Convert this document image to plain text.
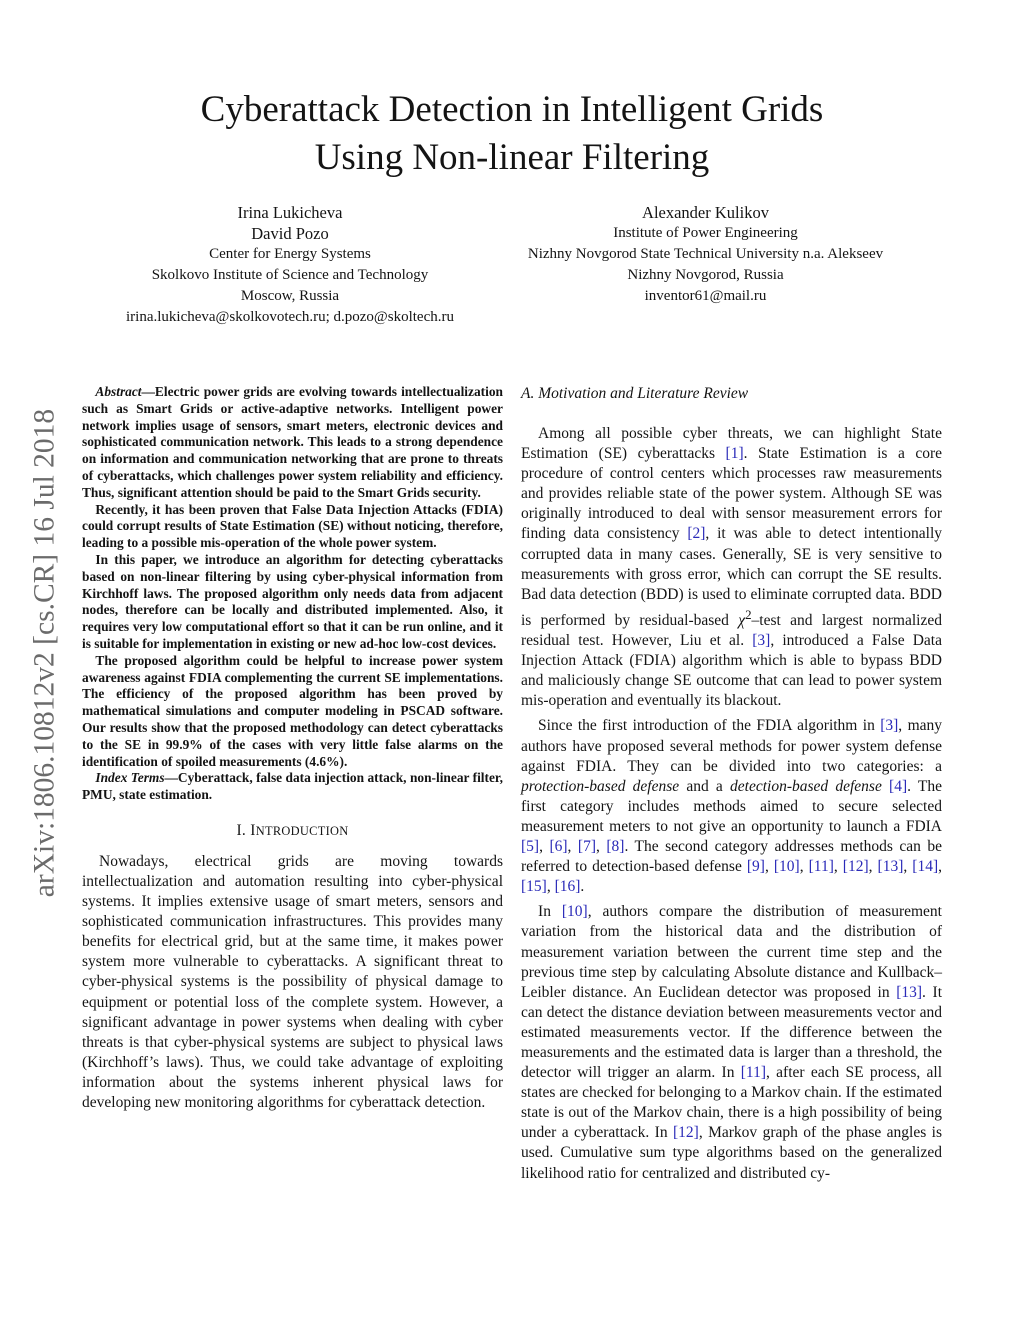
Cyberattack Detection in Intelligent Grids
Using Non-linear Filtering
Irina Lukicheva
David Pozo
Center for Energy Systems
Skolkovo Institute of Science and Technology
Moscow, Russia
irina.lukicheva@skolkovotech.ru; d.pozo@skoltech.ru
Alexander Kulikov
Institute of Power Engineering
Nizhny Novgorod State Technical University n.a. Alekseev
Nizhny Novgorod, Russia
inventor61@mail.ru
arXiv:1806.10812v2 [cs.CR] 16 Jul 2018

Abstract—Electric power grids are evolving towards intellectualization such as Smart Grids or active-adaptive networks. Intelligent power network implies usage of sensors, smart meters, electronic devices and sophisticated communication network. This leads to a strong dependence on information and communication networking that are prone to threats of cyberattacks, which challenges power system reliability and efficiency. Thus, significant attention should be paid to the Smart Grids security.

Recently, it has been proven that False Data Injection Attacks (FDIA) could corrupt results of State Estimation (SE) without noticing, therefore, leading to a possible mis-operation of the whole power system.

In this paper, we introduce an algorithm for detecting cyberattacks based on non-linear filtering by using cyber-physical information from Kirchhoff laws. The proposed algorithm only needs data from adjacent nodes, therefore can be locally and distributed implemented. Also, it requires very low computational effort so that it can be run online, and it is suitable for implementation in existing or new ad-hoc low-cost devices.

The proposed algorithm could be helpful to increase power system awareness against FDIA complementing the current SE implementations. The efficiency of the proposed algorithm has been proved by mathematical simulations and computer modeling in PSCAD software. Our results show that the proposed methodology can detect cyberattacks to the SE in 99.9% of the cases with very little false alarms on the identification of spoiled measurements (4.6%).

Index Terms—Cyberattack, false data injection attack, non-linear filter, PMU, state estimation.

I. INTRODUCTION

Nowadays, electrical grids are moving towards intellectualization and automation resulting into cyber-physical systems. It implies extensive usage of smart meters, sensors and sophisticated communication infrastructures. This provides many benefits for electrical grid, but at the same time, it makes power system more vulnerable to cyberattacks. A significant threat to cyber-physical systems is the possibility of physical damage to equipment or potential loss of the complete system. However, a significant advantage in power systems when dealing with cyber threats is that cyber-physical systems are subject to physical laws (Kirchhoff’s laws). Thus, we could take advantage of exploiting information about the systems inherent physical laws for developing new monitoring algorithms for cyberattack detection.

A. Motivation and Literature Review

Among all possible cyber threats, we can highlight State Estimation (SE) cyberattacks [1]. State Estimation is a core procedure of control centers which processes raw measurements and provides reliable state of the power system. Although SE was originally introduced to deal with sensor measurement errors for finding data consistency [2], it was able to detect intentionally corrupted data in many cases. Generally, SE is very sensitive to measurements with gross error, which can corrupt the SE results. Bad data detection (BDD) is used to eliminate corrupted data. BDD is performed by residual-based $\chi^2$–test and largest normalized residual test. However, Liu et al. [3], introduced a False Data Injection Attack (FDIA) algorithm which is able to bypass BDD and maliciously change SE outcome that can lead to power system mis-operation and eventually its blackout.

Since the first introduction of the FDIA algorithm in [3], many authors have proposed several methods for power system defense against FDIA. They can be divided into two categories: a protection-based defense and a detection-based defense [4]. The first category includes methods aimed to secure selected measurement meters to not give an opportunity to launch a FDIA [5], [6], [7], [8]. The second category addresses methods can be referred to detection-based defense [9], [10], [11], [12], [13], [14], [15], [16].

In [10], authors compare the distribution of measurement variation from the historical data and the distribution of measurement variation between the current time step and the previous time step by calculating Absolute distance and Kullback–Leibler distance. An Euclidean detector was proposed in [13]. It can detect the distance deviation between measurements vector and estimated measurements vector. If the difference between the measurements and the estimated data is larger than a threshold, the detector will trigger an alarm. In [11], after each SE process, all states are checked for belonging to a Markov chain. If the estimated state is out of the Markov chain, there is a high possibility of being under a cyberattack. In [12], Markov graph of the phase angles is used. Cumulative sum type algorithms based on the generalized likelihood ratio for centralized and distributed cy-
